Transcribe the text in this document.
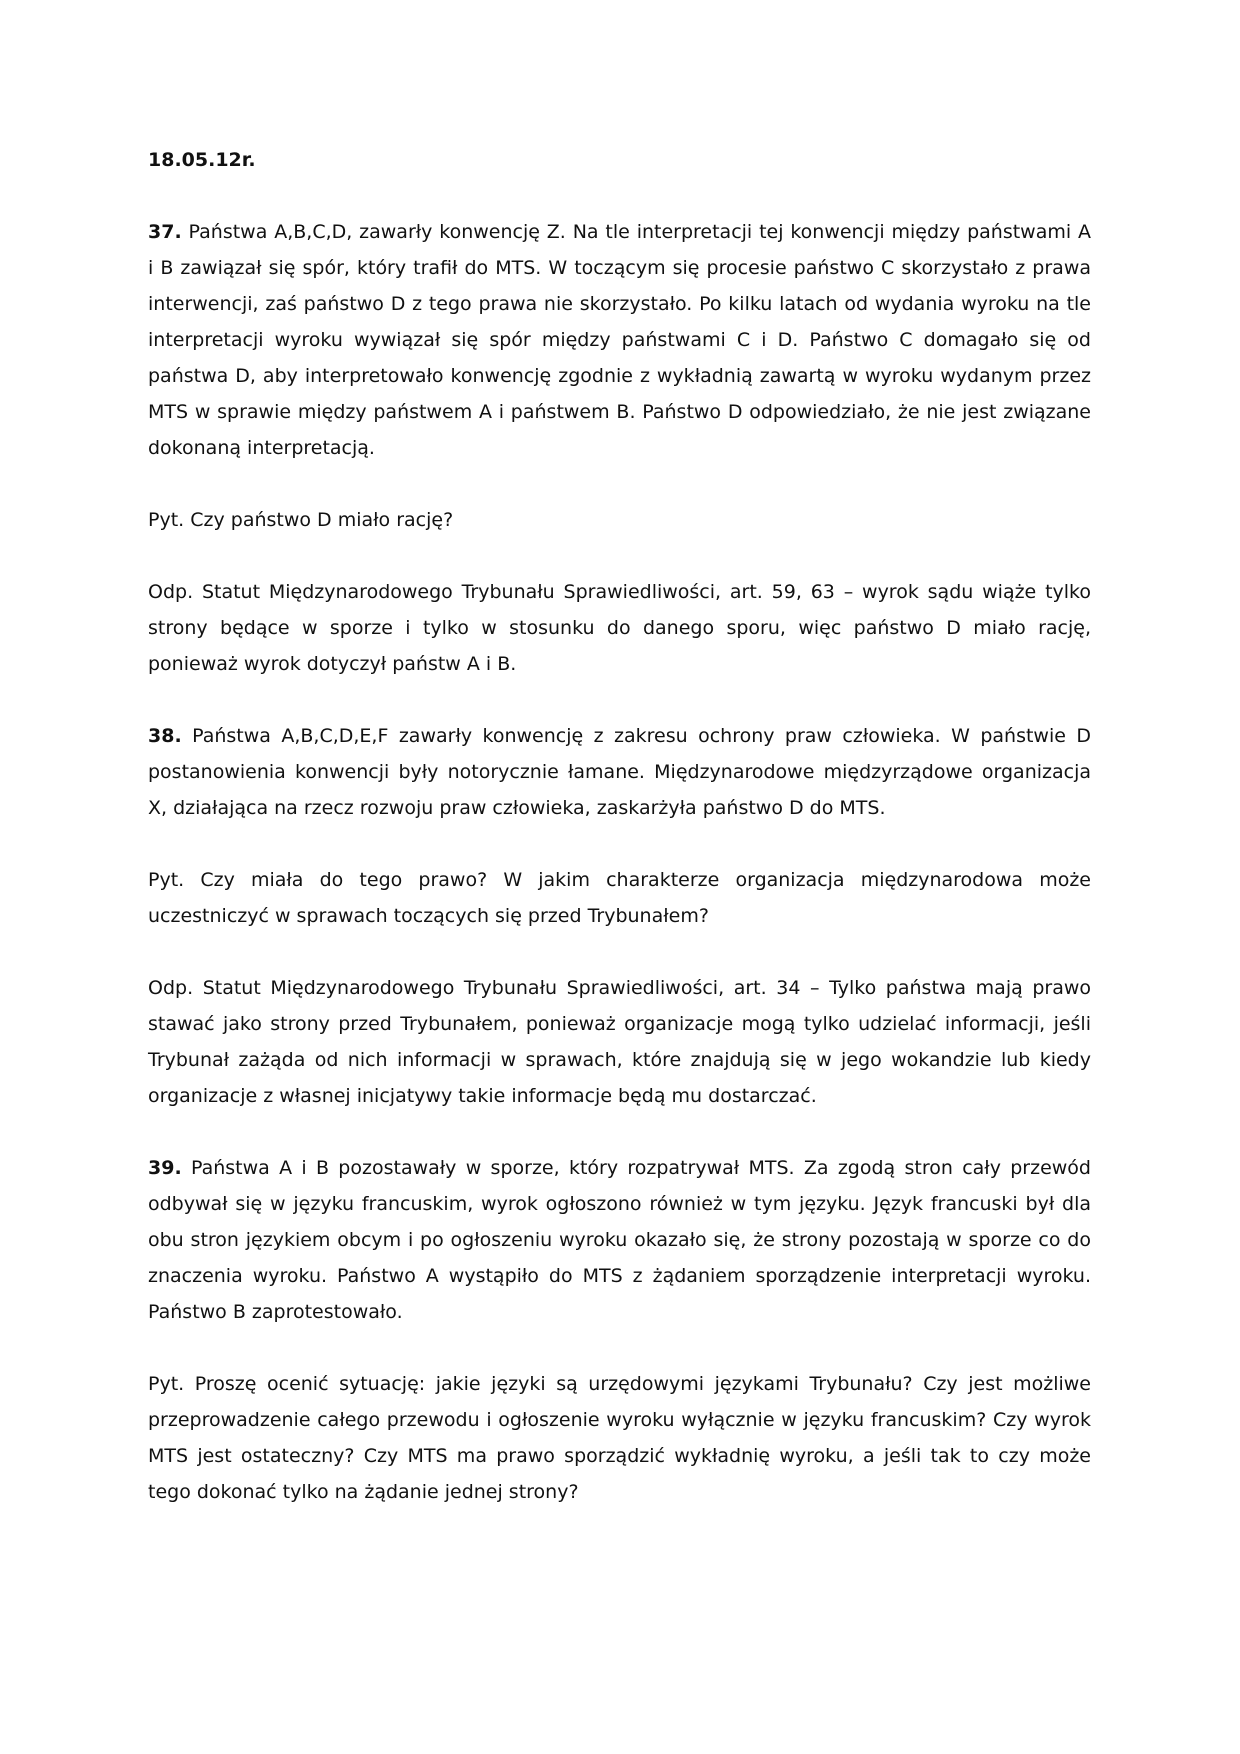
18.05.12r.

37. Państwa A,B,C,D, zawarły konwencję Z. Na tle interpretacji tej konwencji między państwami A i B zawiązał się spór, który trafił do MTS. W toczącym się procesie państwo C skorzystało z prawa interwencji, zaś państwo D z tego prawa nie skorzystało. Po kilku latach od wydania wyroku na tle interpretacji wyroku wywiązał się spór między państwami C i D. Państwo C domagało się od państwa D, aby interpretowało konwencję zgodnie z wykładnią zawartą w wyroku wydanym przez MTS w sprawie między państwem A i państwem B. Państwo D odpowiedziało, że nie jest związane dokonaną interpretacją.

Pyt. Czy państwo D miało rację?

Odp. Statut Międzynarodowego Trybunału Sprawiedliwości, art. 59, 63 – wyrok sądu wiąże tylko strony będące w sporze i tylko w stosunku do danego sporu, więc państwo D miało rację, ponieważ wyrok dotyczył państw A i B.

38. Państwa A,B,C,D,E,F zawarły konwencję z zakresu ochrony praw człowieka. W państwie D postanowienia konwencji były notorycznie łamane. Międzynarodowe międzyrządowe organizacja X, działająca na rzecz rozwoju praw człowieka, zaskarżyła państwo D do MTS.

Pyt. Czy miała do tego prawo? W jakim charakterze organizacja międzynarodowa może uczestniczyć w sprawach toczących się przed Trybunałem?

Odp. Statut Międzynarodowego Trybunału Sprawiedliwości, art. 34 – Tylko państwa mają prawo stawać jako strony przed Trybunałem, ponieważ organizacje mogą tylko udzielać informacji, jeśli Trybunał zażąda od nich informacji w sprawach, które znajdują się w jego wokandzie lub kiedy organizacje z własnej inicjatywy takie informacje będą mu dostarczać.

39. Państwa A i B pozostawały w sporze, który rozpatrywał MTS. Za zgodą stron cały przewód odbywał się w języku francuskim, wyrok ogłoszono również w tym języku. Język francuski był dla obu stron językiem obcym i po ogłoszeniu wyroku okazało się, że strony pozostają w sporze co do znaczenia wyroku. Państwo A wystąpiło do MTS z żądaniem sporządzenie interpretacji wyroku. Państwo B zaprotestowało.

Pyt. Proszę ocenić sytuację: jakie języki są urzędowymi językami Trybunału? Czy jest możliwe przeprowadzenie całego przewodu i ogłoszenie wyroku wyłącznie w języku francuskim? Czy wyrok MTS jest ostateczny? Czy MTS ma prawo sporządzić wykładnię wyroku, a jeśli tak to czy może tego dokonać tylko na żądanie jednej strony?
